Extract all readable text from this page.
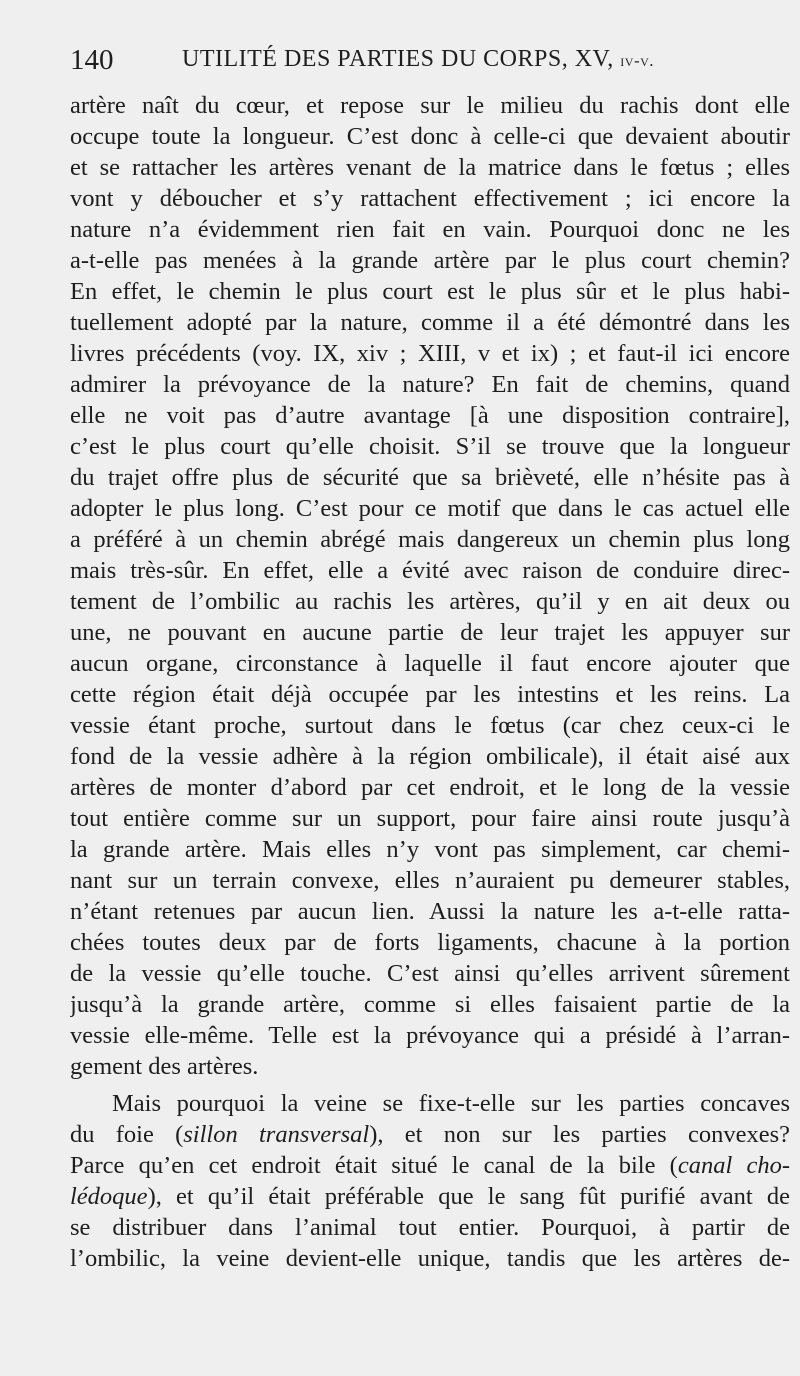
140	UTILITÉ DES PARTIES DU CORPS, XV, iv-v.
artère naît du cœur, et repose sur le milieu du rachis dont elle
occupe toute la longueur. C’est donc à celle-ci que devaient aboutir
et se rattacher les artères venant de la matrice dans le fœtus ; elles
vont y déboucher et s’y rattachent effectivement ; ici encore la
nature n’a évidemment rien fait en vain. Pourquoi donc ne les
a-t-elle pas menées à la grande artère par le plus court chemin?
En effet, le chemin le plus court est le plus sûr et le plus habi-
tuellement adopté par la nature, comme il a été démontré dans les
livres précédents (voy. IX, xiv ; XIII, v et ix) ; et faut-il ici encore
admirer la prévoyance de la nature? En fait de chemins, quand
elle ne voit pas d’autre avantage [à une disposition contraire],
c’est le plus court qu’elle choisit. S’il se trouve que la longueur
du trajet offre plus de sécurité que sa brièveté, elle n’hésite pas à
adopter le plus long. C’est pour ce motif que dans le cas actuel elle
a préféré à un chemin abrégé mais dangereux un chemin plus long
mais très-sûr. En effet, elle a évité avec raison de conduire direc-
tement de l’ombilic au rachis les artères, qu’il y en ait deux ou
une, ne pouvant en aucune partie de leur trajet les appuyer sur
aucun organe, circonstance à laquelle il faut encore ajouter que
cette région était déjà occupée par les intestins et les reins. La
vessie étant proche, surtout dans le fœtus (car chez ceux-ci le
fond de la vessie adhère à la région ombilicale), il était aisé aux
artères de monter d’abord par cet endroit, et le long de la vessie
tout entière comme sur un support, pour faire ainsi route jusqu’à
la grande artère. Mais elles n’y vont pas simplement, car chemi-
nant sur un terrain convexe, elles n’auraient pu demeurer stables,
n’étant retenues par aucun lien. Aussi la nature les a-t-elle ratta-
chées toutes deux par de forts ligaments, chacune à la portion
de la vessie qu’elle touche. C’est ainsi qu’elles arrivent sûrement
jusqu’à la grande artère, comme si elles faisaient partie de la
vessie elle-même. Telle est la prévoyance qui a présidé à l’arran-
gement des artères.
Mais pourquoi la veine se fixe-t-elle sur les parties concaves
du foie (sillon transversal), et non sur les parties convexes?
Parce qu’en cet endroit était situé le canal de la bile (canal cho-
lédoque), et qu’il était préférable que le sang fût purifié avant de
se distribuer dans l’animal tout entier. Pourquoi, à partir de
l’ombilic, la veine devient-elle unique, tandis que les artères de-
